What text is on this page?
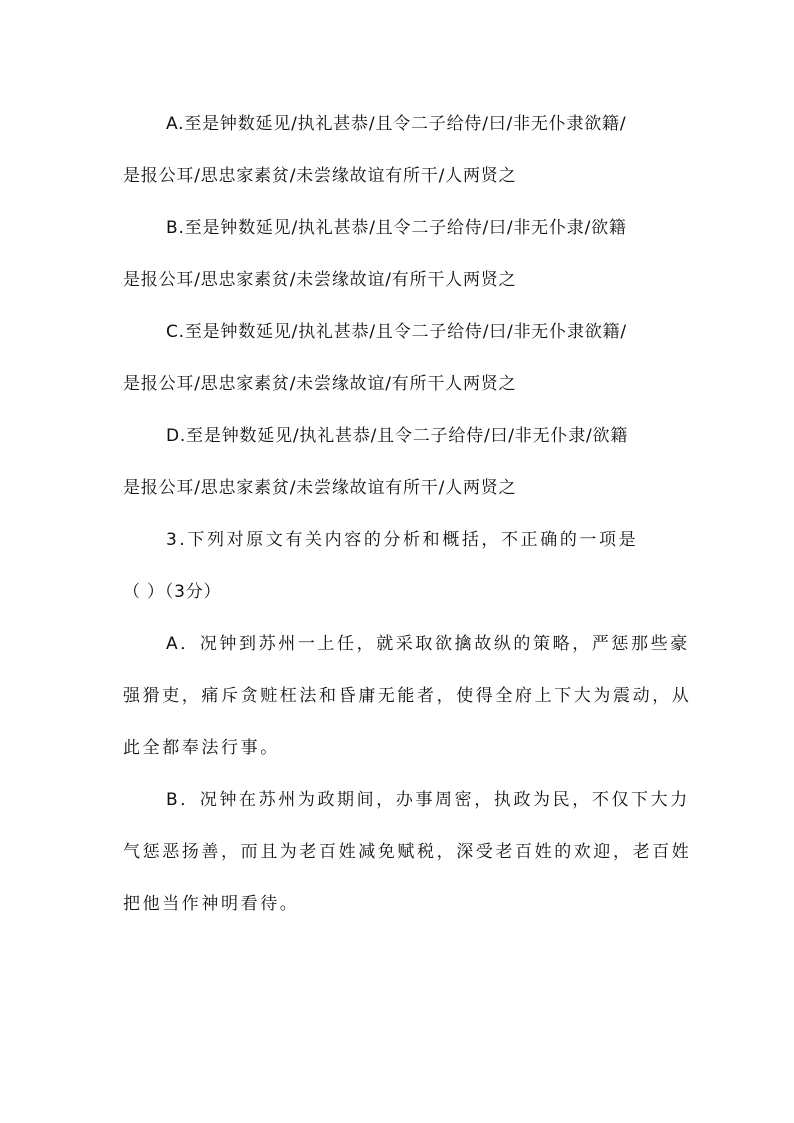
A.至是钟数延见/执礼甚恭/且令二子给侍/曰/非无仆隶欲籍/
是报公耳/思忠家素贫/未尝缘故谊有所干/人两贤之
B.至是钟数延见/执礼甚恭/且令二子给侍/曰/非无仆隶/欲籍
是报公耳/思忠家素贫/未尝缘故谊/有所干人两贤之
C.至是钟数延见/执礼甚恭/且令二子给侍/曰/非无仆隶欲籍/
是报公耳/思忠家素贫/未尝缘故谊/有所干人两贤之
D.至是钟数延见/执礼甚恭/且令二子给侍/曰/非无仆隶/欲籍
是报公耳/思忠家素贫/未尝缘故谊有所干/人两贤之
3.下列对原文有关内容的分析和概括，不正确的一项是
（ ）（3分）
A．况钟到苏州一上任，就采取欲擒故纵的策略，严惩那些豪
强猾吏，痛斥贪赃枉法和昏庸无能者，使得全府上下大为震动，从
此全都奉法行事。
B．况钟在苏州为政期间，办事周密，执政为民，不仅下大力
气惩恶扬善，而且为老百姓减免赋税，深受老百姓的欢迎，老百姓
把他当作神明看待。
